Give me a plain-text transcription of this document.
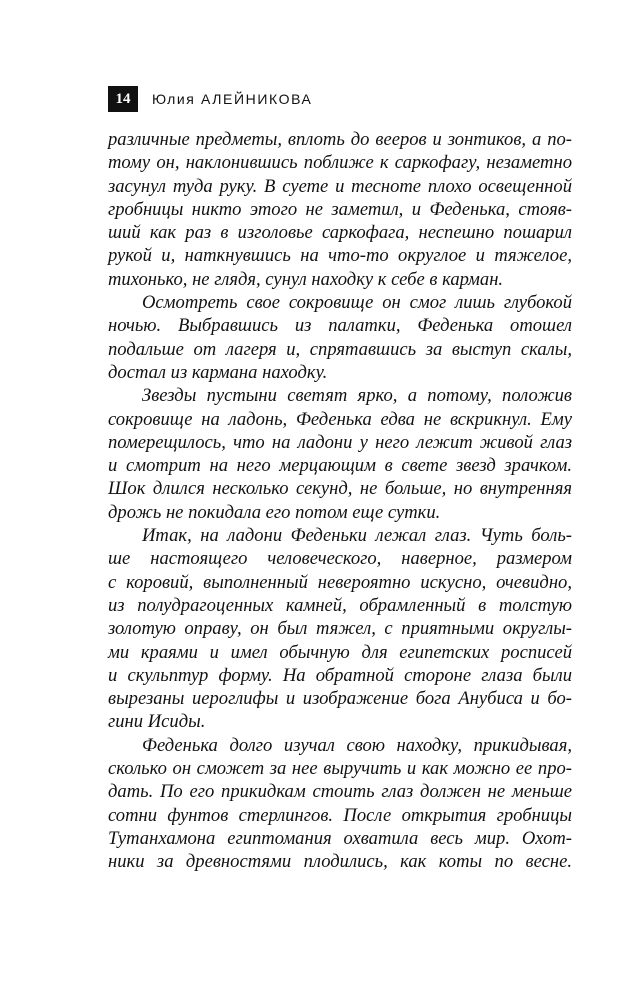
14	Юлия АЛЕЙНИКОВА
различные предметы, вплоть до вееров и зонтиков, а по-
тому он, наклонившись поближе к саркофагу, незаметно
засунул туда руку. В суете и тесноте плохо освещенной
гробницы никто этого не заметил, и Феденька, стояв-
ший как раз в изголовье саркофага, неспешно пошарил
рукой и, наткнувшись на что-то округлое и тяжелое,
тихонько, не глядя, сунул находку к себе в карман.
Осмотреть свое сокровище он смог лишь глубокой
ночью. Выбравшись из палатки, Феденька отошел
подальше от лагеря и, спрятавшись за выступ скалы,
достал из кармана находку.
Звезды пустыни светят ярко, а потому, положив
сокровище на ладонь, Феденька едва не вскрикнул. Ему
померещилось, что на ладони у него лежит живой глаз
и смотрит на него мерцающим в свете звезд зрачком.
Шок длился несколько секунд, не больше, но внутренняя
дрожь не покидала его потом еще сутки.
Итак, на ладони Феденьки лежал глаз. Чуть боль-
ше настоящего человеческого, наверное, размером
с коровий, выполненный невероятно искусно, очевидно,
из полудрагоценных камней, обрамленный в толстую
золотую оправу, он был тяжел, с приятными округлы-
ми краями и имел обычную для египетских росписей
и скульптур форму. На обратной стороне глаза были
вырезаны иероглифы и изображение бога Анубиса и бо-
гини Исиды.
Феденька долго изучал свою находку, прикидывая,
сколько он сможет за нее выручить и как можно ее про-
дать. По его прикидкам стоить глаз должен не меньше
сотни фунтов стерлингов. После открытия гробницы
Тутанхамона египтомания охватила весь мир. Охот-
ники за древностями плодились, как коты по весне.
